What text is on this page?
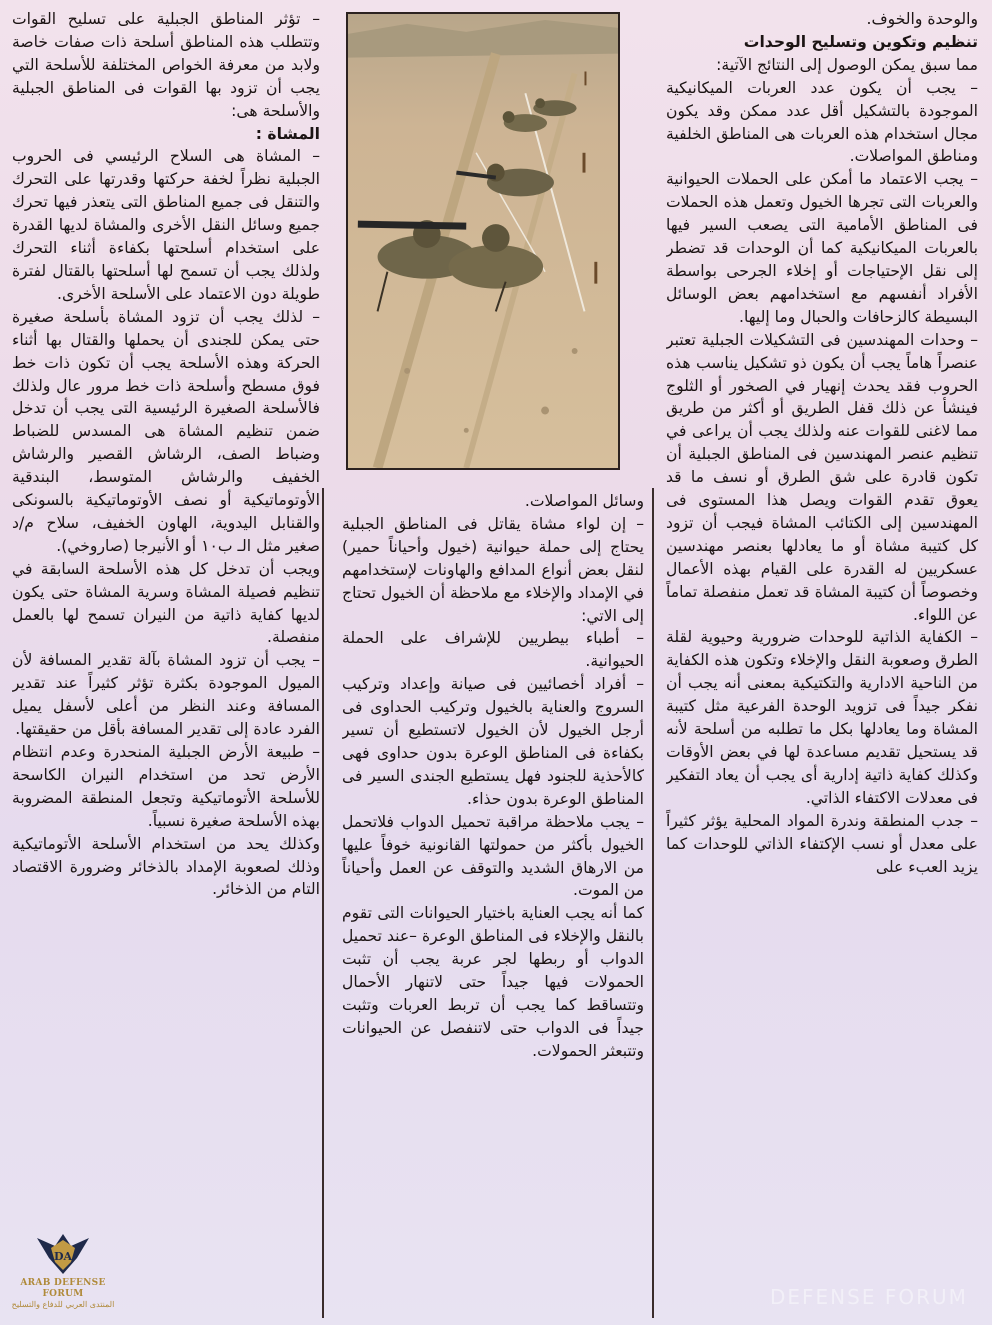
والوحدة والخوف.

تنظيم وتكوين وتسليح الوحدات

مما سبق يمكن الوصول إلى النتائج الآتية:

– يجب أن يكون عدد العربات الميكانيكية الموجودة بالتشكيل أقل عدد ممكن وقد يكون مجال استخدام هذه العربات هى المناطق الخلفية ومناطق المواصلات.

– يجب الاعتماد ما أمكن على الحملات الحيوانية والعربات التى تجرها الخيول وتعمل هذه الحملات فى المناطق الأمامية التى يصعب السير فيها بالعربات الميكانيكية كما أن الوحدات قد تضطر إلى نقل الإحتياجات أو إخلاء الجرحى بواسطة الأفراد أنفسهم مع استخدامهم بعض الوسائل البسيطة كالزحافات والحبال وما إليها.

– وحدات المهندسين فى التشكيلات الجبلية تعتبر عنصراً هاماً يجب أن يكون ذو تشكيل يناسب هذه الحروب فقد يحدث إنهيار في الصخور أو الثلوج فينشأ عن ذلك قفل الطريق أو أكثر من طريق مما لاغنى للقوات عنه ولذلك يجب أن يراعى في تنظيم عنصر المهندسين فى المناطق الجبلية أن تكون قادرة على شق الطرق أو نسف ما قد يعوق تقدم القوات ويصل هذا المستوى فى المهندسين إلى الكتائب المشاة فيجب أن تزود كل كتيبة مشاة أو ما يعادلها بعنصر مهندسين عسكريين له القدرة على القيام بهذه الأعمال وخصوصاً أن كتيبة المشاة قد تعمل منفصلة تماماً عن اللواء.

– الكفاية الذاتية للوحدات ضرورية وحيوية لقلة الطرق وصعوبة النقل والإخلاء وتكون هذه الكفاية من الناحية الادارية والتكتيكية بمعنى أنه يجب أن نفكر جيداً فى تزويد الوحدة الفرعية مثل كتيبة المشاة وما يعادلها بكل ما تطلبه من أسلحة لأنه قد يستحيل تقديم مساعدة لها في بعض الأوقات وكذلك كفاية ذاتية إدارية أى يجب أن يعاد التفكير فى معدلات الاكتفاء الذاتي.

– جدب المنطقة وندرة المواد المحلية يؤثر كثيراً على معدل أو نسب الإكتفاء الذاتي للوحدات كما يزيد العبء على

وسائل المواصلات.

– إن لواء مشاة يقاتل فى المناطق الجبلية يحتاج إلى حملة حيوانية (خيول وأحياناً حمير) لنقل بعض أنواع المدافع والهاونات لإستخدامهم في الإمداد والإخلاء مع ملاحظة أن الخيول تحتاج إلى الاتي:

– أطباء بيطريين للإشراف على الحملة الحيوانية.

– أفراد أخصائيين فى صيانة وإعداد وتركيب السروج والعناية بالخيول وتركيب الحداوى فى أرجل الخيول لأن الخيول لاتستطيع أن تسير بكفاءة فى المناطق الوعرة بدون حداوى فهى كالأحذية للجنود فهل يستطيع الجندى السير فى المناطق الوعرة بدون حذاء.

– يجب ملاحظة مراقبة تحميل الدواب فلاتحمل الخيول بأكثر من حمولتها القانونية خوفاً عليها من الارهاق الشديد والتوقف عن العمل وأحياناً من الموت.

كما أنه يجب العناية باختيار الحيوانات التى تقوم بالنقل والإخلاء فى المناطق الوعرة –عند تحميل الدواب أو ربطها لجر عربة يجب أن تثبت الحمولات فيها جيداً حتى لاتنهار الأحمال وتتساقط كما يجب أن تربط العربات وتثبت جيداً فى الدواب حتى لاتنفصل عن الحيوانات وتتبعثر الحمولات.

– تؤثر المناطق الجبلية على تسليح القوات وتتطلب هذه المناطق أسلحة ذات صفات خاصة ولابد من معرفة الخواص المختلفة للأسلحة التي يجب أن تزود بها القوات فى المناطق الجبلية والأسلحة هى:

المشاة :

– المشاة هى السلاح الرئيسي فى الحروب الجبلية نظراً لخفة حركتها وقدرتها على التحرك والتنقل فى جميع المناطق التى يتعذر فيها تحرك جميع وسائل النقل الأخرى والمشاة لديها القدرة على استخدام أسلحتها بكفاءة أثناء التحرك ولذلك يجب أن تسمح لها أسلحتها بالقتال لفترة طويلة دون الاعتماد على الأسلحة الأخرى.

– لذلك يجب أن تزود المشاة بأسلحة صغيرة حتى يمكن للجندى أن يحملها والقتال بها أثناء الحركة وهذه الأسلحة يجب أن تكون ذات خط فوق مسطح وأسلحة ذات خط مرور عال ولذلك فالأسلحة الصغيرة الرئيسية التى يجب أن تدخل ضمن تنظيم المشاة هى المسدس للضباط وضباط الصف، الرشاش القصير والرشاش الخفيف والرشاش المتوسط، البندقية الأوتوماتيكية أو نصف الأوتوماتيكية بالسونكى والقنابل اليدوية، الهاون الخفيف، سلاح م/د صغير مثل الـ ب١٠ أو الأنيرجا (صاروخي).

ويجب أن تدخل كل هذه الأسلحة السابقة في تنظيم فصيلة المشاة وسرية المشاة حتى يكون لديها كفاية ذاتية من النيران تسمح لها بالعمل منفصلة.

– يجب أن تزود المشاة بآلة تقدير المسافة لأن الميول الموجودة بكثرة تؤثر كثيراً عند تقدير المسافة وعند النظر من أعلى لأسفل يميل الفرد عادة إلى تقدير المسافة بأقل من حقيقتها.

– طبيعة الأرض الجبلية المنحدرة وعدم انتظام الأرض تحد من استخدام النيران الكاسحة للأسلحة الأتوماتيكية وتجعل المنطقة المضروبة بهذه الأسلحة صغيرة نسبياً.

وكذلك يحد من استخدام الأسلحة الأتوماتيكية وذلك لصعوبة الإمداد بالذخائر وضرورة الاقتصاد التام من الذخائر.

DA
ARAB DEFENSE FORUM
المنتدى العربي للدفاع والتسليح	DEFENSE FORUM
